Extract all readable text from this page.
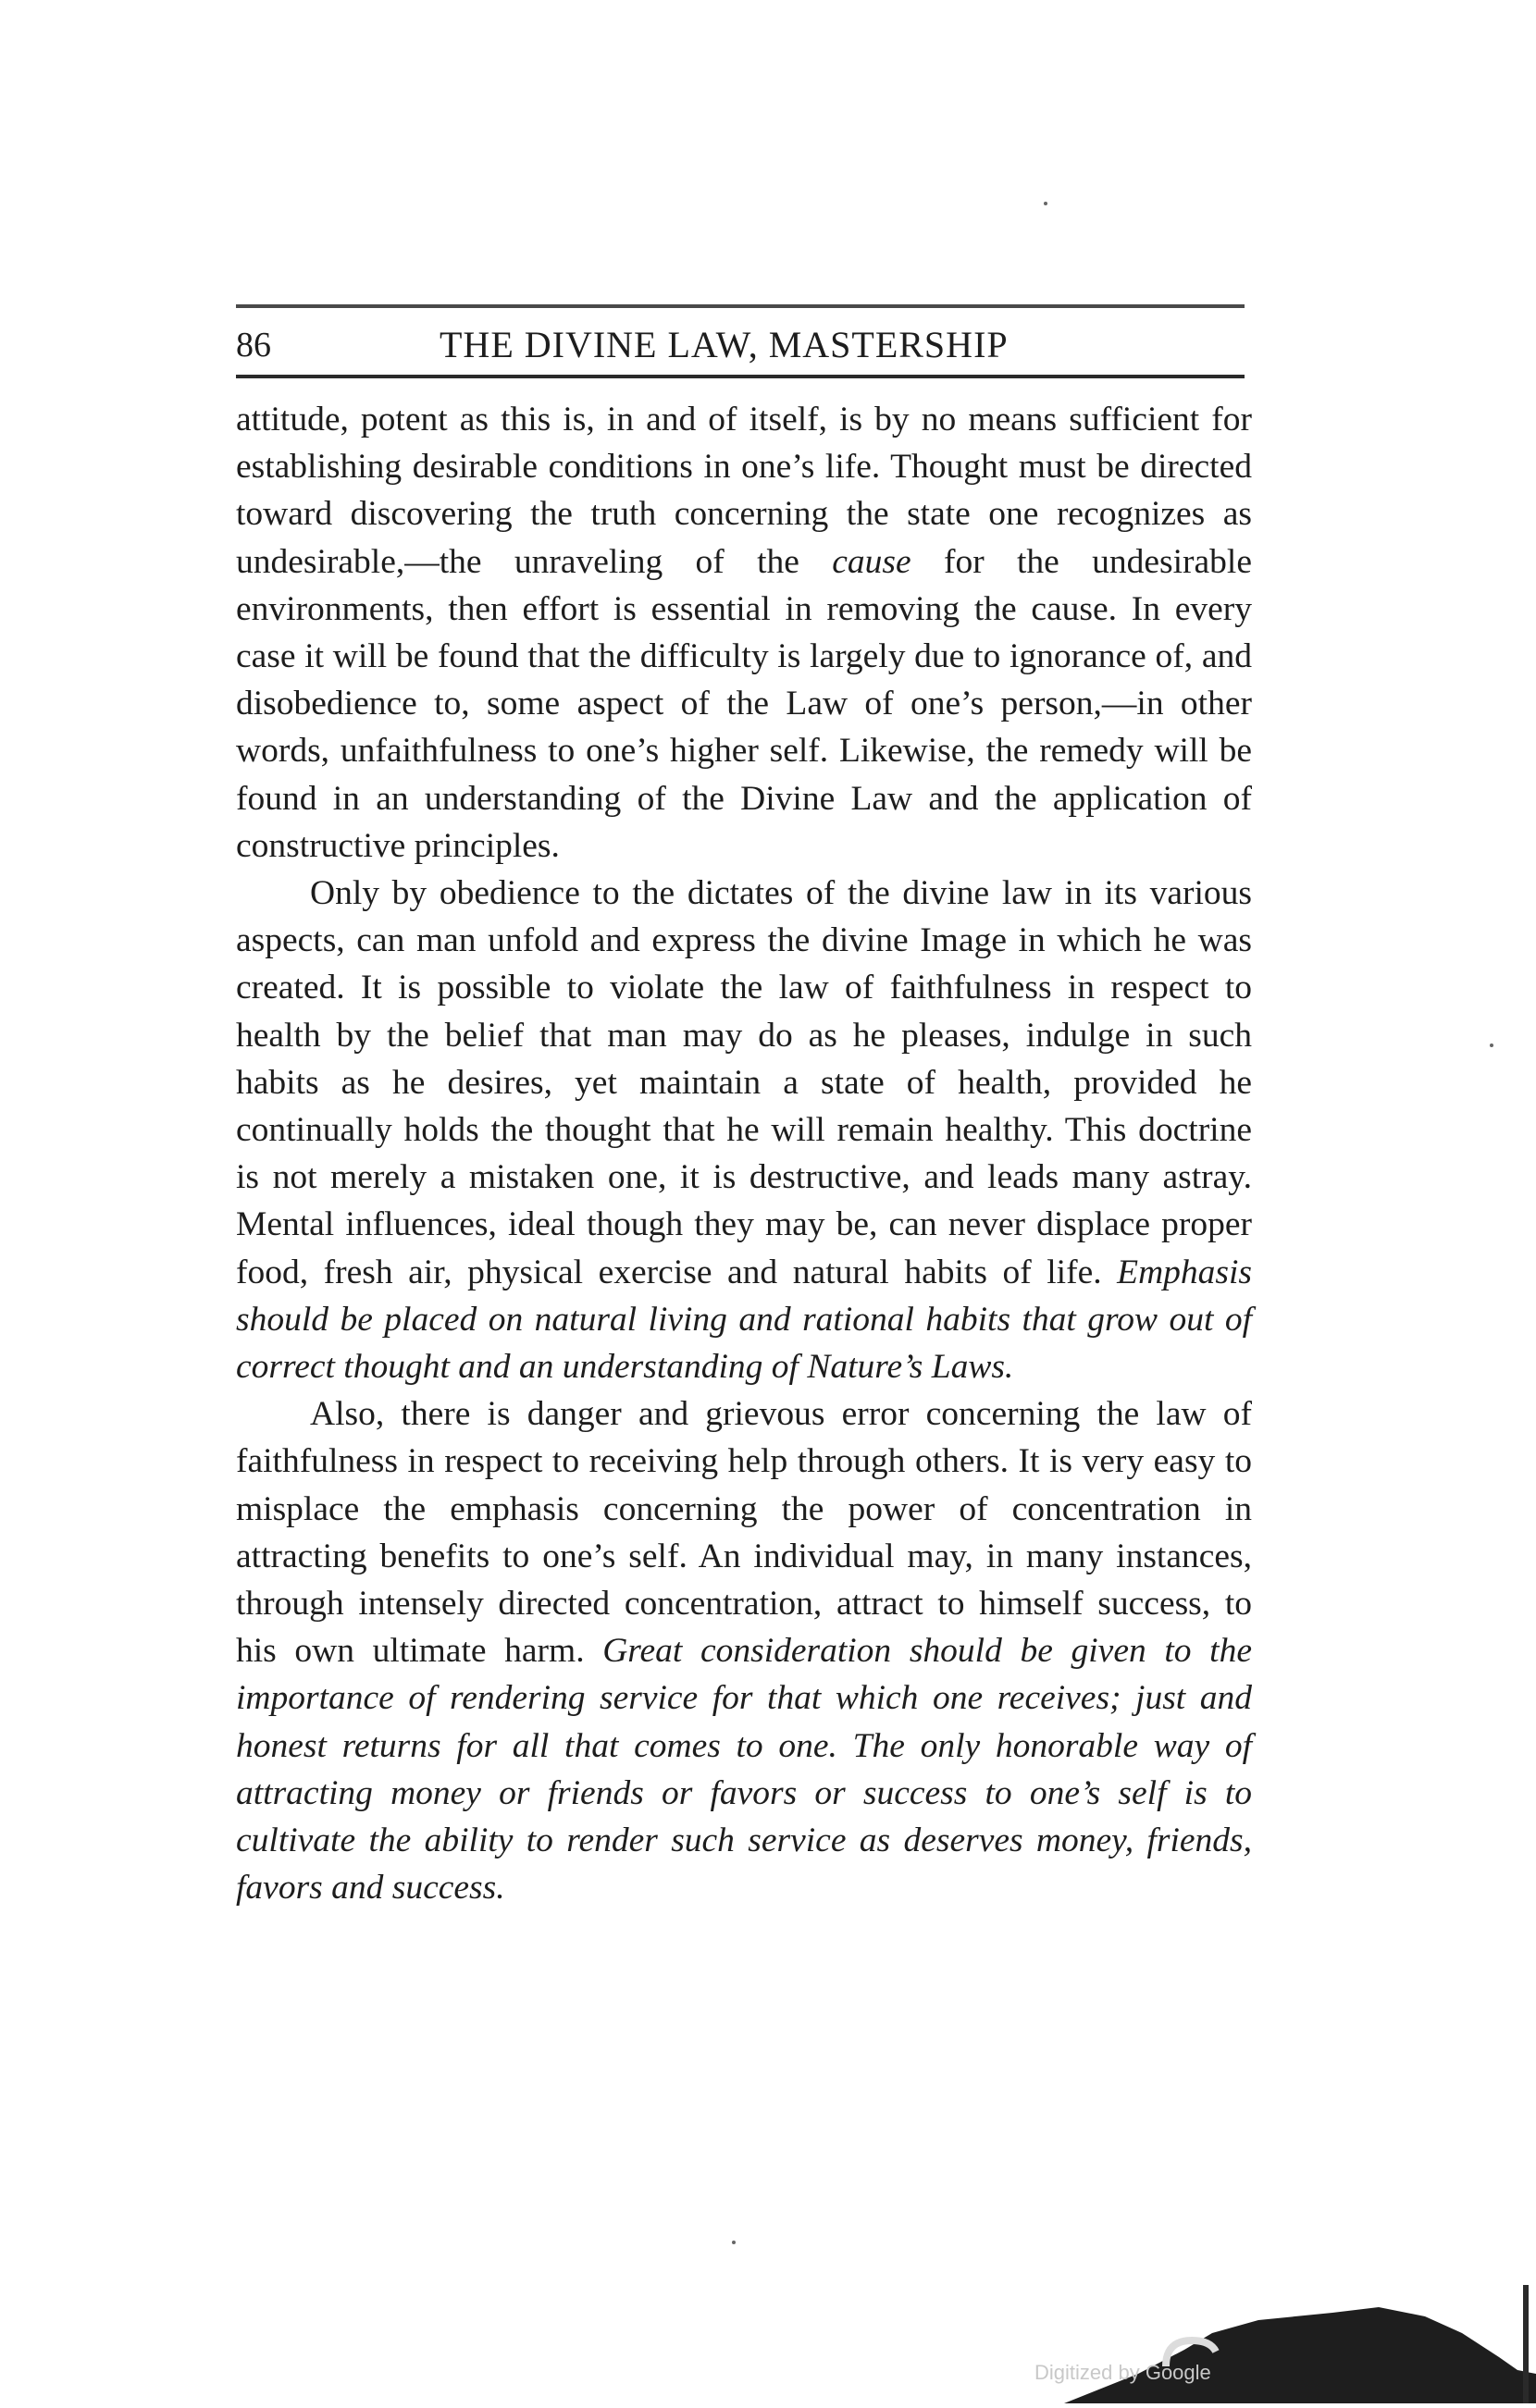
86	THE DIVINE LAW, MASTERSHIP

attitude, potent as this is, in and of itself, is by no means sufficient for establishing desirable conditions in one’s life. Thought must be directed toward discovering the truth concerning the state one recognizes as undesirable,—the unraveling of the cause for the undesirable environments, then effort is essential in removing the cause. In every case it will be found that the difficulty is largely due to ignorance of, and disobedience to, some aspect of the Law of one’s person,—in other words, unfaithfulness to one’s higher self. Likewise, the remedy will be found in an understanding of the Divine Law and the application of constructive principles.

Only by obedience to the dictates of the divine law in its various aspects, can man unfold and express the divine Image in which he was created. It is possible to violate the law of faithfulness in respect to health by the belief that man may do as he pleases, indulge in such habits as he desires, yet maintain a state of health, provided he continually holds the thought that he will remain healthy. This doctrine is not merely a mistaken one, it is destructive, and leads many astray. Mental influences, ideal though they may be, can never displace proper food, fresh air, physical exercise and natural habits of life. Emphasis should be placed on natural living and rational habits that grow out of correct thought and an understanding of Nature’s Laws.

Also, there is danger and grievous error concerning the law of faithfulness in respect to receiving help through others. It is very easy to misplace the emphasis concerning the power of concentration in attracting benefits to one’s self. An individual may, in many instances, through intensely directed concentration, attract to himself success, to his own ultimate harm. Great consideration should be given to the importance of rendering service for that which one receives; just and honest returns for all that comes to one. The only honorable way of attracting money or friends or favors or success to one’s self is to cultivate the ability to render such service as deserves money, friends, favors and success.

Digitized by Google
